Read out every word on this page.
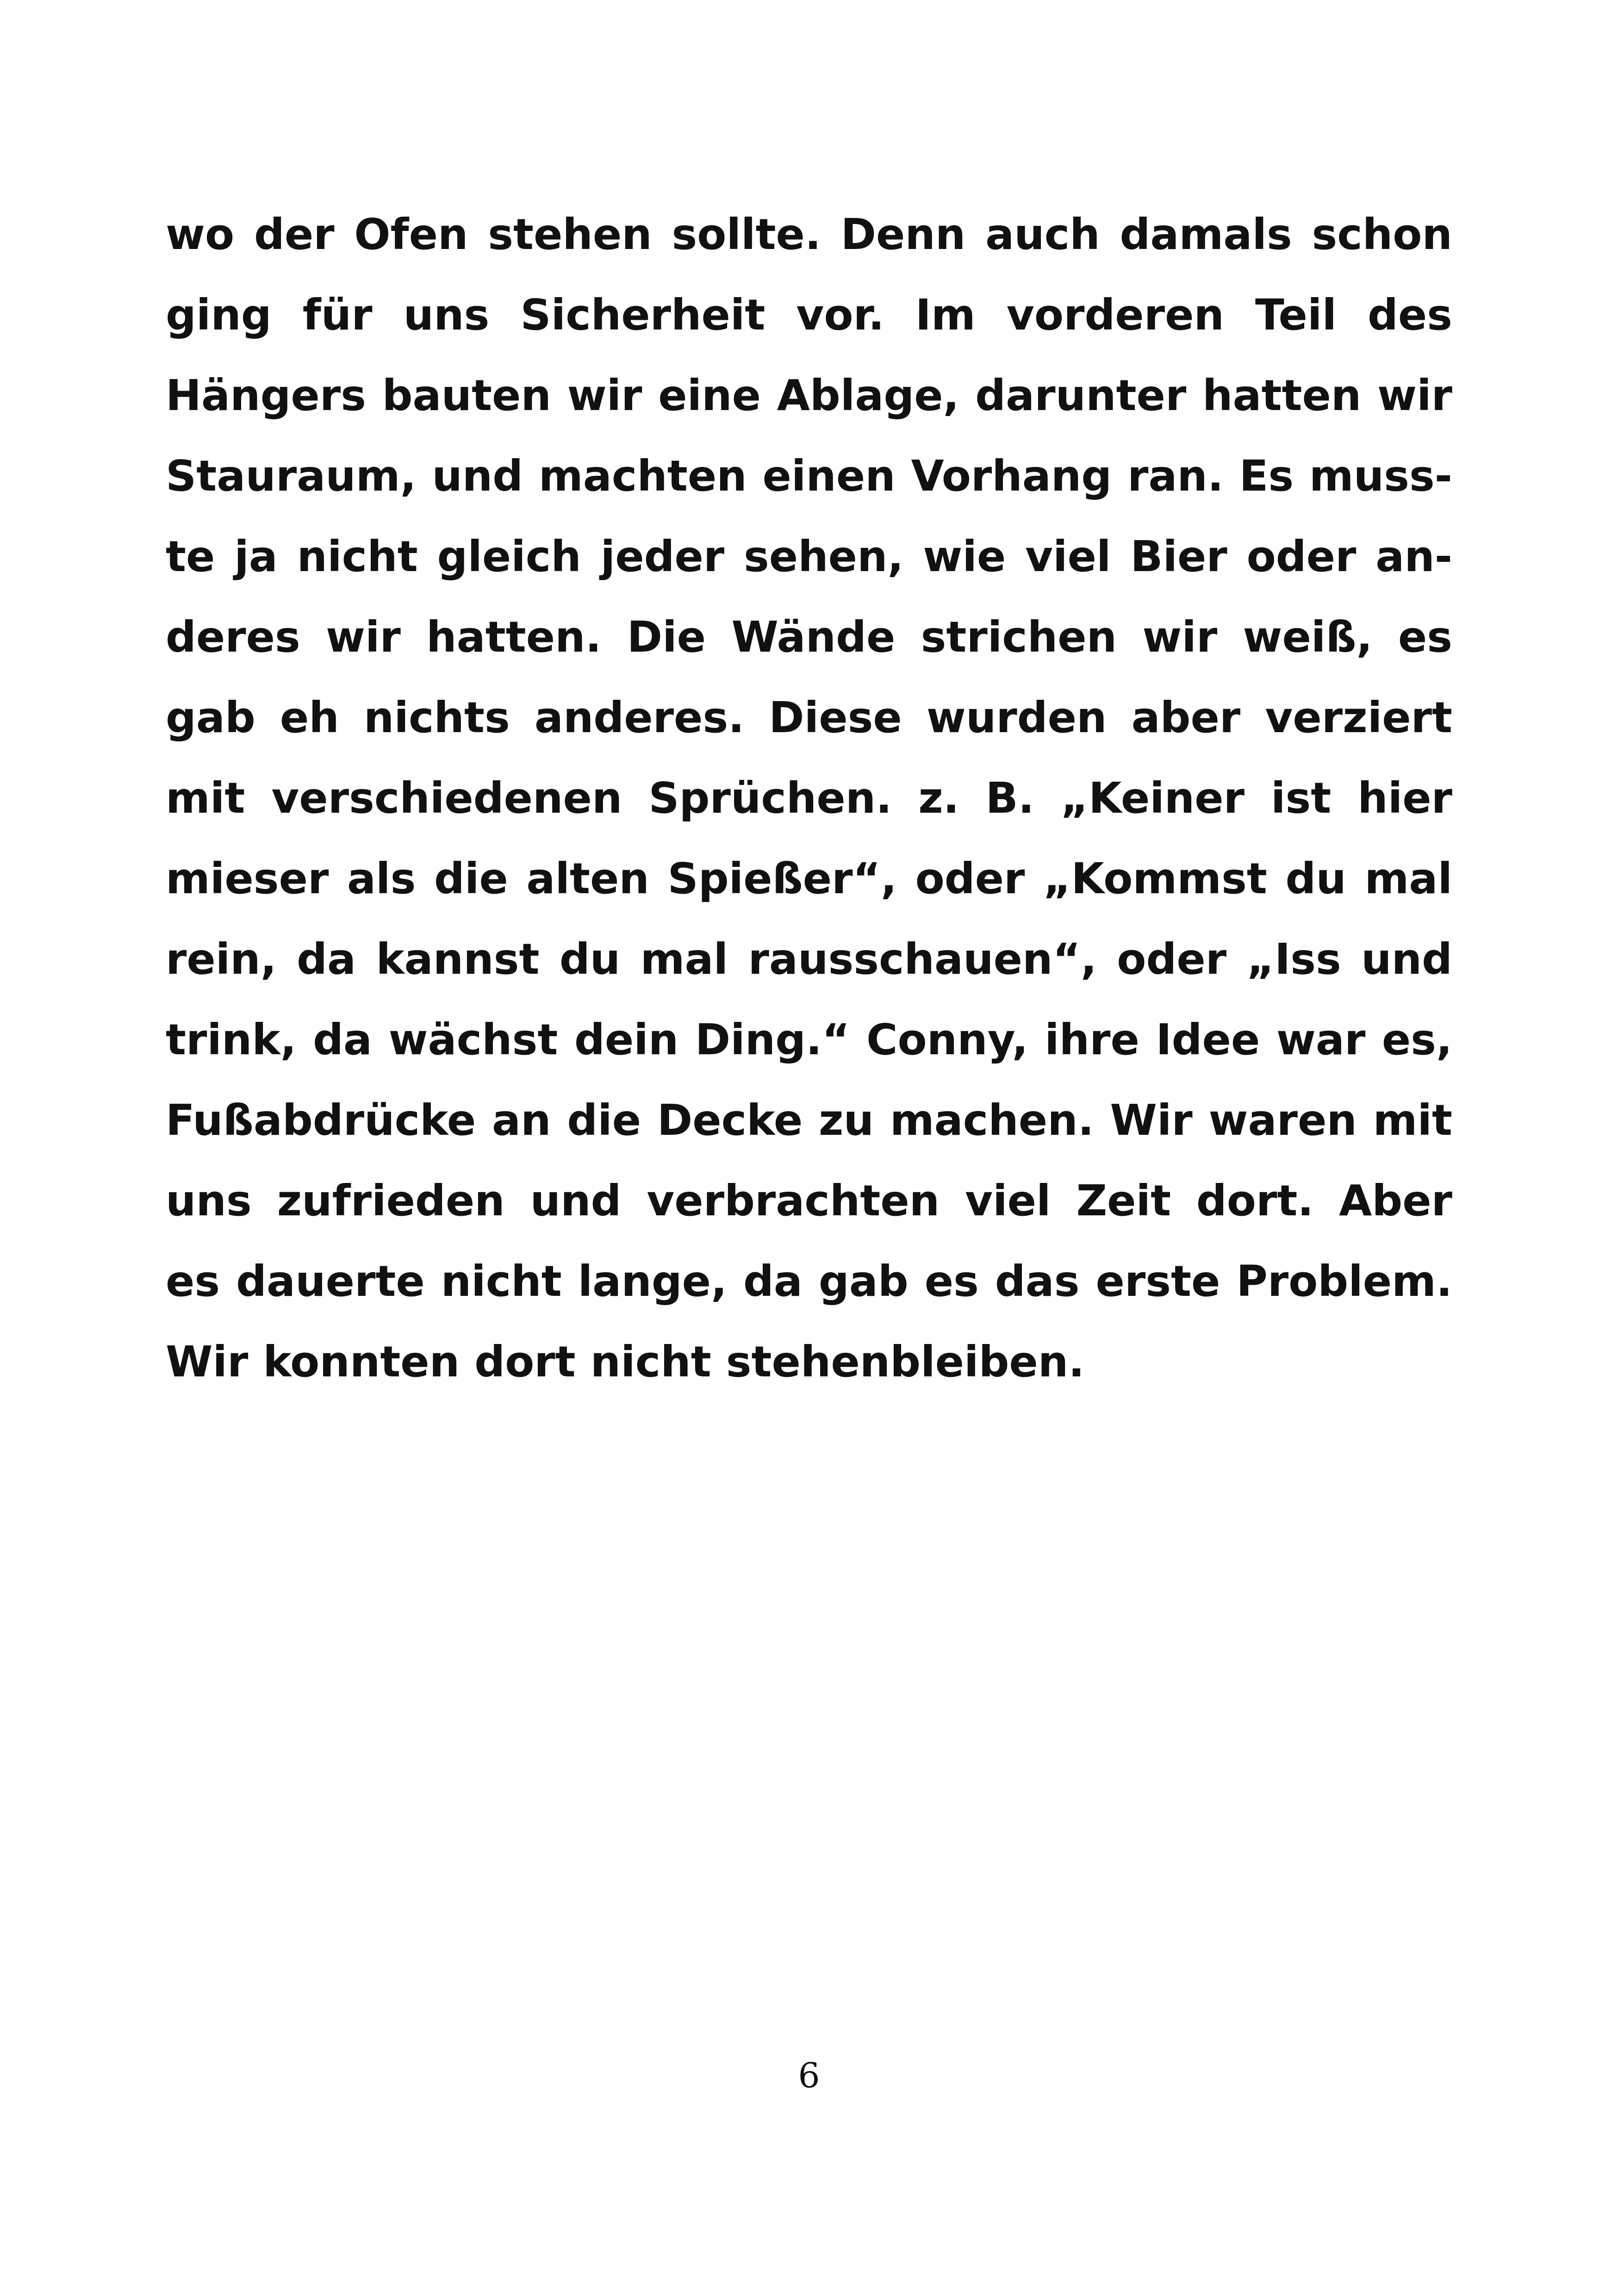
wo der Ofen stehen sollte. Denn auch damals schon
ging für uns Sicherheit vor. Im vorderen Teil des
Hängers bauten wir eine Ablage, darunter hatten wir
Stauraum, und machten einen Vorhang ran. Es muss-
te ja nicht gleich jeder sehen, wie viel Bier oder an-
deres wir hatten. Die Wände strichen wir weiß, es
gab eh nichts anderes. Diese wurden aber verziert
mit verschiedenen Sprüchen. z. B. „Keiner ist hier
mieser als die alten Spießer“, oder „Kommst du mal
rein, da kannst du mal rausschauen“, oder „Iss und
trink, da wächst dein Ding.“ Conny, ihre Idee war es,
Fußabdrücke an die Decke zu machen. Wir waren mit
uns zufrieden und verbrachten viel Zeit dort. Aber
es dauerte nicht lange, da gab es das erste Problem.
Wir konnten dort nicht stehenbleiben.
6
